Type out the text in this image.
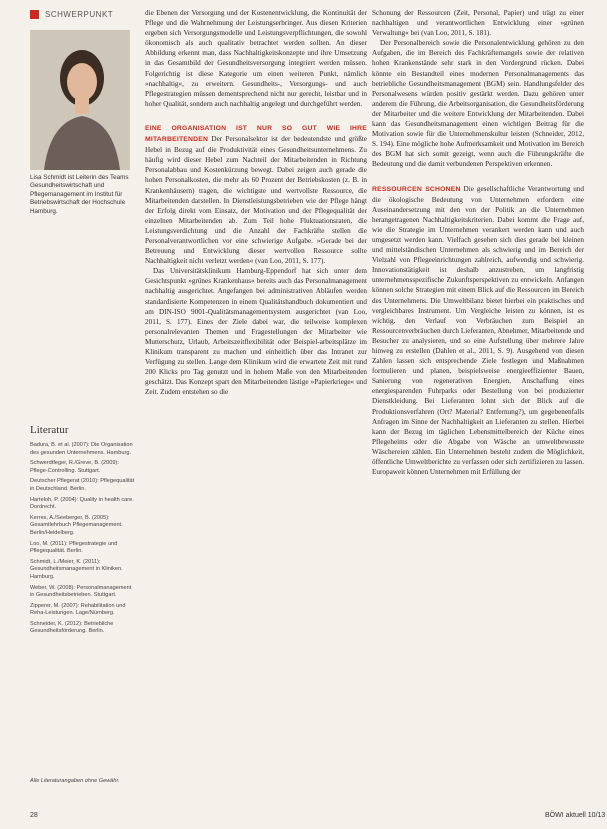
SCHWERPUNKT
Lisa Schmidt ist Leiterin des Teams Gesundheitswirtschaft und Pflegemanagement im Institut für Betriebswirtschaft der Hochschule Hamburg.
Literatur
Badura, B. et al. (2007): Die Organisation des gesunden Unternehmens. Hamburg.
Schwerdtfeger, R./Greve, B. (2009): Pflege-Controlling. Stuttgart.
Deutscher Pflegerat (2010): Pflegequalität in Deutschland. Berlin.
Harteloh, P. (2004): Quality in health care. Dordrecht.
Kerres, A./Seeberger, B. (2005): Gesamtlehrbuch Pflegemanagement. Berlin/Heidelberg.
Loo, M. (2011): Pflegestrategie und Pflegequalität. Berlin.
Schmidt, L./Meier, K. (2011): Gesundheitsmanagement in Kliniken. Hamburg.
Weber, W. (2008): Personalmanagement in Gesundheitsbetrieben. Stuttgart.
Zipperer, M. (2007): Rehabilitation und Reha-Leistungen. Lage/Nürnberg.
Schneider, K. (2012): Betriebliche Gesundheitsförderung. Berlin.
Alle Literaturangaben ohne Gewähr.

die Ebenen der Versorgung und der Kostenentwicklung, die Kontinuität der Pflege und die Wahrnehmung der Leistungserbringer. Aus diesen Kriterien ergeben sich Versorgungsmodelle und Leistungsverpflichtungen, die sowohl ökonomisch als auch qualitativ betrachtet werden sollten. An dieser Abbildung erkennt man, dass Nachhaltigkeitskonzepte und ihre Umsetzung in das Gesamtbild der Gesundheitsversorgung integriert werden müssen. Folgerichtig ist diese Kategorie um einen weiteren Punkt, nämlich »nachhaltig«, zu erweitern. Gesundheits-, Versorgungs- und auch Pflegestrategien müssen dementsprechend nicht nur gerecht, leistbar und in hoher Qualität, sondern auch nachhaltig angelegt und durchgeführt werden.

EINE ORGANISATION IST NUR SO GUT WIE IHRE MITARBEITENDEN Der Personalsektor ist der bedeutendste und größte Hebel in Bezug auf die Produktivität eines Gesundheitsunternehmens. Zu häufig wird dieser Hebel zum Nachteil der Mitarbeitenden in Richtung Personalabbau und Kostenkürzung bewegt. Dabei zeigen auch gerade die hohen Personalkosten, die mehr als 60 Prozent der Betriebskosten (z. B. in Krankenhäusern) tragen, die wichtigste und wertvollste Ressource, die Mitarbeitenden darstellen. In Dienstleistungsbetrieben wie der Pflege hängt der Erfolg direkt vom Einsatz, der Motivation und der Pflegequalität der einzelnen Mitarbeitenden ab. Zum Teil hohe Fluktuationsraten, die Leistungsverdichtung und die Anzahl der Fachkräfte stellen die Personalverantwortlichen vor eine schwierige Aufgabe. »Gerade bei der Betreuung und Entwicklung dieser wertvollen Ressource sollte Nachhaltigkeit nicht verletzt werden« (van Loo, 2011, S. 177).

Das Universitätsklinikum Hamburg-Eppendorf hat sich unter dem Gesichtspunkt »grünes Krankenhaus« bereits auch das Personalmanagement nachhaltig ausgerichtet. Angefangen bei administrativen Abläufen werden standardisierte Kompetenzen in einem Qualitätshandbuch dokumentiert und am DIN-ISO 9001-Qualitätsmanagementsystem ausgerichtet (van Loo, 2011, S. 177). Eines der Ziele dabei war, die teilweise komplexen personalrelevanten Themen und Fragestellungen der Mitarbeiter wie Mutterschutz, Urlaub, Arbeitszeitflexibilität oder Beispiel-arbeitsplätze im Klinikum transparent zu machen und einheitlich über das Intranet zur Verfügung zu stellen. Lange dem Klinikum wird die erwartete Zeit mit rund 200 Klicks pro Tag genutzt und in hohem Maße von den Mitarbeitenden geschätzt. Das Konzept spart den Mitarbeitenden lästige »Papierkriege« und Zeit. Zudem entstehen so die

Schonung der Ressourcen (Zeit, Personal, Papier) und trägt zu einer nachhaltigen und verantwortlichen Entwicklung einer »grünen Verwaltung« bei (van Loo, 2011, S. 181).

Der Personalbereich sowie die Personalentwicklung gehören zu den Aufgaben, die im Bereich des Fachkräftemangels sowie der relativen hohen Krankenstände sehr stark in den Vordergrund rücken. Dabei könnte ein Bestandteil eines modernen Personalmanagements das betriebliche Gesundheitsmanagement (BGM) sein. Handlungsfelder des Personalwesens würden positiv gestärkt werden. Dazu gehören unter anderem die Führung, die Arbeitsorganisation, die Gesundheitsförderung der Mitarbeiter und die weitere Entwicklung der Mitarbeitenden. Dabei kann das Gesundheitsmanagement einen wichtigen Beitrag für die Motivation sowie für die Unternehmenskultur leisten (Schneider, 2012, S. 194). Eine mögliche hohe Aufmerksamkeit und Motivation im Bereich des BGM hat sich somit gezeigt, wenn auch die Führungskräfte die Bedeutung und die damit verbundenen Perspektiven erkennen.

RESSOURCEN SCHONEN Die gesellschaftliche Verantwortung und die ökologische Bedeutung von Unternehmen erfordern eine Auseinandersetzung mit den von der Politik an die Unternehmen herangetragenen Nachhaltigkeitskriterien. Dabei kommt die Frage auf, wie die Strategie im Unternehmen verankert werden kann und auch umgesetzt werden kann. Vielfach gesehen sich dies gerade bei kleinen und mittelständischen Unternehmen als schwierig und im Bereich der Vielzahl von Pflegeeinrichtungen zahlreich, aufwendig und schwierig. Innovationstätigkeit ist deshalb anzustreben, um langfristig unternehmensspezifische Zukunftsperspektiven zu entwickeln. Anfangen können solche Strategien mit einem Blick auf die Ressourcen im Bereich des Unternehmens. Die Umweltbilanz bietet hierbei ein praktisches und vergleichbares Instrument. Um Vergleiche leisten zu können, ist es wichtig, den Verlauf von Verbräuchen zum Beispiel an Ressourcenverbräuchen durch Lieferanten, Abnehmer, Mitarbeitende und Besucher zu analysieren, und so eine Aufstellung über mehrere Jahre hinweg zu erstellen (Dahlen et al., 2011, S. 9). Ausgehend von diesen Zahlen lassen sich entsprechende Ziele festlegen und Maßnahmen formulieren und planen, beispielsweise energieeffizienter Bauen, Sanierung von regenerativen Energien, Anschaffung eines energiesparenden Fuhrparks oder Bestellung von bei produzierter Dienstkleidung. Bei Lieferanten lohnt sich der Blick auf die Produktionsverfahren (Ort? Material? Entfernung?), um gegebenenfalls Anfragen im Sinne der Nachhaltigkeit an Lieferanten zu stellen. Hierbei kann der Bezug im täglichen Lebensmittelbereich der Küche eines Pflegeheims oder die Abgabe von Wäsche an umweltbewusste Wäschereien zählen. Ein Unternehmen besteht zudem die Möglichkeit, öffentliche Umweltberichte zu verfassen oder sich zertifizieren zu lassen. Europaweit können Unternehmen mit Erfüllung der

28	BÖWI aktuell 10/13
